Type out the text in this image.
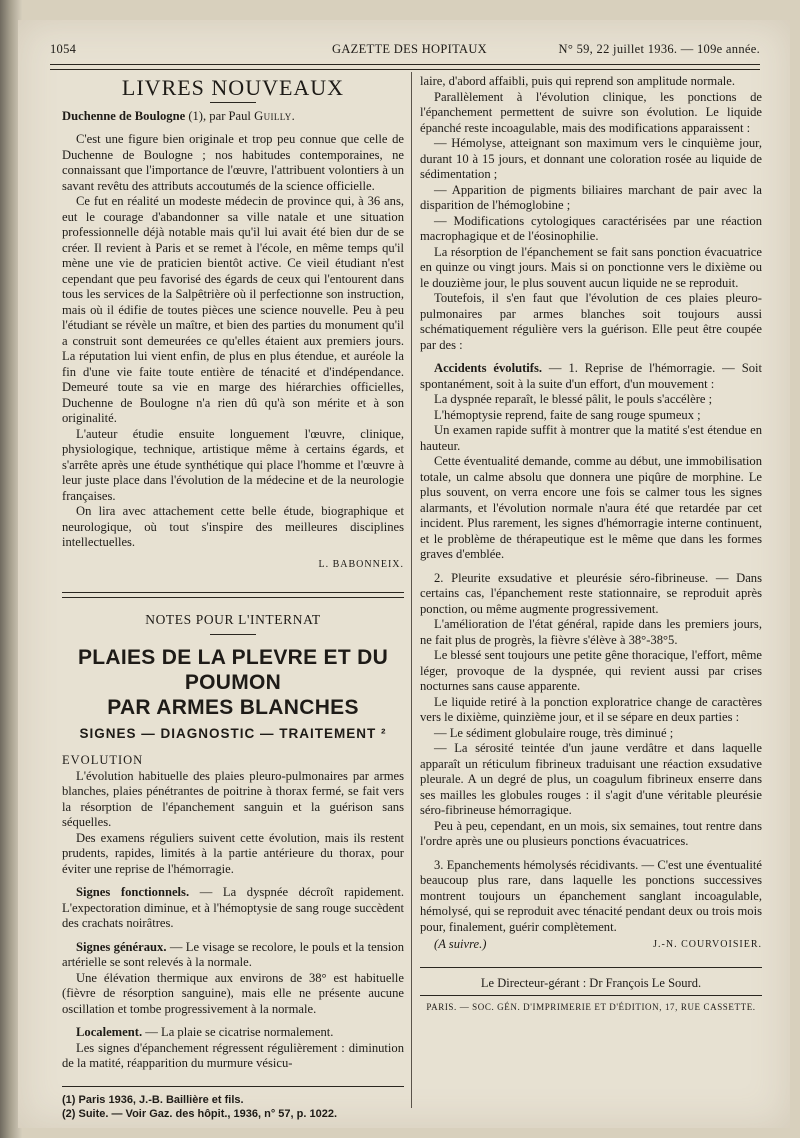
1054	GAZETTE DES HOPITAUX	N° 59, 22 juillet 1936. — 109e année.
LIVRES NOUVEAUX

Duchenne de Boulogne (1), par Paul Guilly.

C'est une figure bien originale et trop peu connue que celle de Duchenne de Boulogne ; nos habitudes contemporaines, ne connaissant que l'importance de l'œuvre, l'attribuent volontiers à un savant revêtu des attributs accoutumés de la science officielle.

Ce fut en réalité un modeste médecin de province qui, à 36 ans, eut le courage d'abandonner sa ville natale et une situation professionnelle déjà notable mais qu'il lui avait été bien dur de se créer. Il revient à Paris et se remet à l'école, en même temps qu'il mène une vie de praticien bientôt active. Ce vieil étudiant n'est cependant que peu favorisé des égards de ceux qui l'entourent dans tous les services de la Salpêtrière où il perfectionne son instruction, mais où il édifie de toutes pièces une science nouvelle. Peu à peu l'étudiant se révèle un maître, et bien des parties du monument qu'il a construit sont demeurées ce qu'elles étaient aux premiers jours. La réputation lui vient enfin, de plus en plus étendue, et auréole la fin d'une vie faite toute entière de ténacité et d'indépendance. Demeuré toute sa vie en marge des hiérarchies officielles, Duchenne de Boulogne n'a rien dû qu'à son mérite et à son originalité.

L'auteur étudie ensuite longuement l'œuvre, clinique, physiologique, technique, artistique même à certains égards, et s'arrête après une étude synthétique qui place l'homme et l'œuvre à leur juste place dans l'évolution de la médecine et de la neurologie françaises.

On lira avec attachement cette belle étude, biographique et neurologique, où tout s'inspire des meilleures disciplines intellectuelles.

L. BABONNEIX.
NOTES POUR L'INTERNAT
PLAIES DE LA PLEVRE ET DU POUMON
PAR ARMES BLANCHES
SIGNES — DIAGNOSTIC — TRAITEMENT ²

EVOLUTION

L'évolution habituelle des plaies pleuro-pulmonaires par armes blanches, plaies pénétrantes de poitrine à thorax fermé, se fait vers la résorption de l'épanchement sanguin et la guérison sans séquelles.

Des examens réguliers suivent cette évolution, mais ils restent prudents, rapides, limités à la partie antérieure du thorax, pour éviter une reprise de l'hémorragie.

Signes fonctionnels. — La dyspnée décroît rapidement. L'expectoration diminue, et à l'hémoptysie de sang rouge succèdent des crachats noirâtres.

Signes généraux. — Le visage se recolore, le pouls et la tension artérielle se sont relevés à la normale.

Une élévation thermique aux environs de 38° est habituelle (fièvre de résorption sanguine), mais elle ne présente aucune oscillation et tombe progressivement à la normale.

Localement. — La plaie se cicatrise normalement.

Les signes d'épanchement régressent régulièrement : diminution de la matité, réapparition du murmure vésicu-

(1) Paris 1936, J.-B. Baillière et fils.
(2) Suite. — Voir Gaz. des hôpit., 1936, n° 57, p. 1022.

laire, d'abord affaibli, puis qui reprend son amplitude normale.

Parallèlement à l'évolution clinique, les ponctions de l'épanchement permettent de suivre son évolution. Le liquide épanché reste incoagulable, mais des modifications apparaissent :

— Hémolyse, atteignant son maximum vers le cinquième jour, durant 10 à 15 jours, et donnant une coloration rosée au liquide de sédimentation ;

— Apparition de pigments biliaires marchant de pair avec la disparition de l'hémoglobine ;

— Modifications cytologiques caractérisées par une réaction macrophagique et de l'éosinophilie.

La résorption de l'épanchement se fait sans ponction évacuatrice en quinze ou vingt jours. Mais si on ponctionne vers le dixième ou le douzième jour, le plus souvent aucun liquide ne se reproduit.

Toutefois, il s'en faut que l'évolution de ces plaies pleuro-pulmonaires par armes blanches soit toujours aussi schématiquement régulière vers la guérison. Elle peut être coupée par des :

Accidents évolutifs. — 1. Reprise de l'hémorragie. — Soit spontanément, soit à la suite d'un effort, d'un mouvement :

La dyspnée reparaît, le blessé pâlit, le pouls s'accélère ;

L'hémoptysie reprend, faite de sang rouge spumeux ;

Un examen rapide suffit à montrer que la matité s'est étendue en hauteur.

Cette éventualité demande, comme au début, une immobilisation totale, un calme absolu que donnera une piqûre de morphine. Le plus souvent, on verra encore une fois se calmer tous les signes alarmants, et l'évolution normale n'aura été que retardée par cet incident. Plus rarement, les signes d'hémorragie interne continuent, et le problème de thérapeutique est le même que dans les formes graves d'emblée.

2. Pleurite exsudative et pleurésie séro-fibrineuse. — Dans certains cas, l'épanchement reste stationnaire, se reproduit après ponction, ou même augmente progressivement.

L'amélioration de l'état général, rapide dans les premiers jours, ne fait plus de progrès, la fièvre s'élève à 38°-38°5.

Le blessé sent toujours une petite gêne thoracique, l'effort, même léger, provoque de la dyspnée, qui revient aussi par crises nocturnes sans cause apparente.

Le liquide retiré à la ponction exploratrice change de caractères vers le dixième, quinzième jour, et il se sépare en deux parties :

— Le sédiment globulaire rouge, très diminué ;

— La sérosité teintée d'un jaune verdâtre et dans laquelle apparaît un réticulum fibrineux traduisant une réaction exsudative pleurale. A un degré de plus, un coagulum fibrineux enserre dans ses mailles les globules rouges : il s'agit d'une véritable pleurésie séro-fibrineuse hémorragique.

Peu à peu, cependant, en un mois, six semaines, tout rentre dans l'ordre après une ou plusieurs ponctions évacuatrices.

3. Epanchements hémolysés récidivants. — C'est une éventualité beaucoup plus rare, dans laquelle les ponctions successives montrent toujours un épanchement sanglant incoagulable, hémolysé, qui se reproduit avec ténacité pendant deux ou trois mois pour, finalement, guérir complètement.

(A suivre.)	J.-N. COURVOISIER.
Le Directeur-gérant : Dr François Le Sourd.
PARIS. — SOC. GÉN. D'IMPRIMERIE ET D'ÉDITION, 17, RUE CASSETTE.
